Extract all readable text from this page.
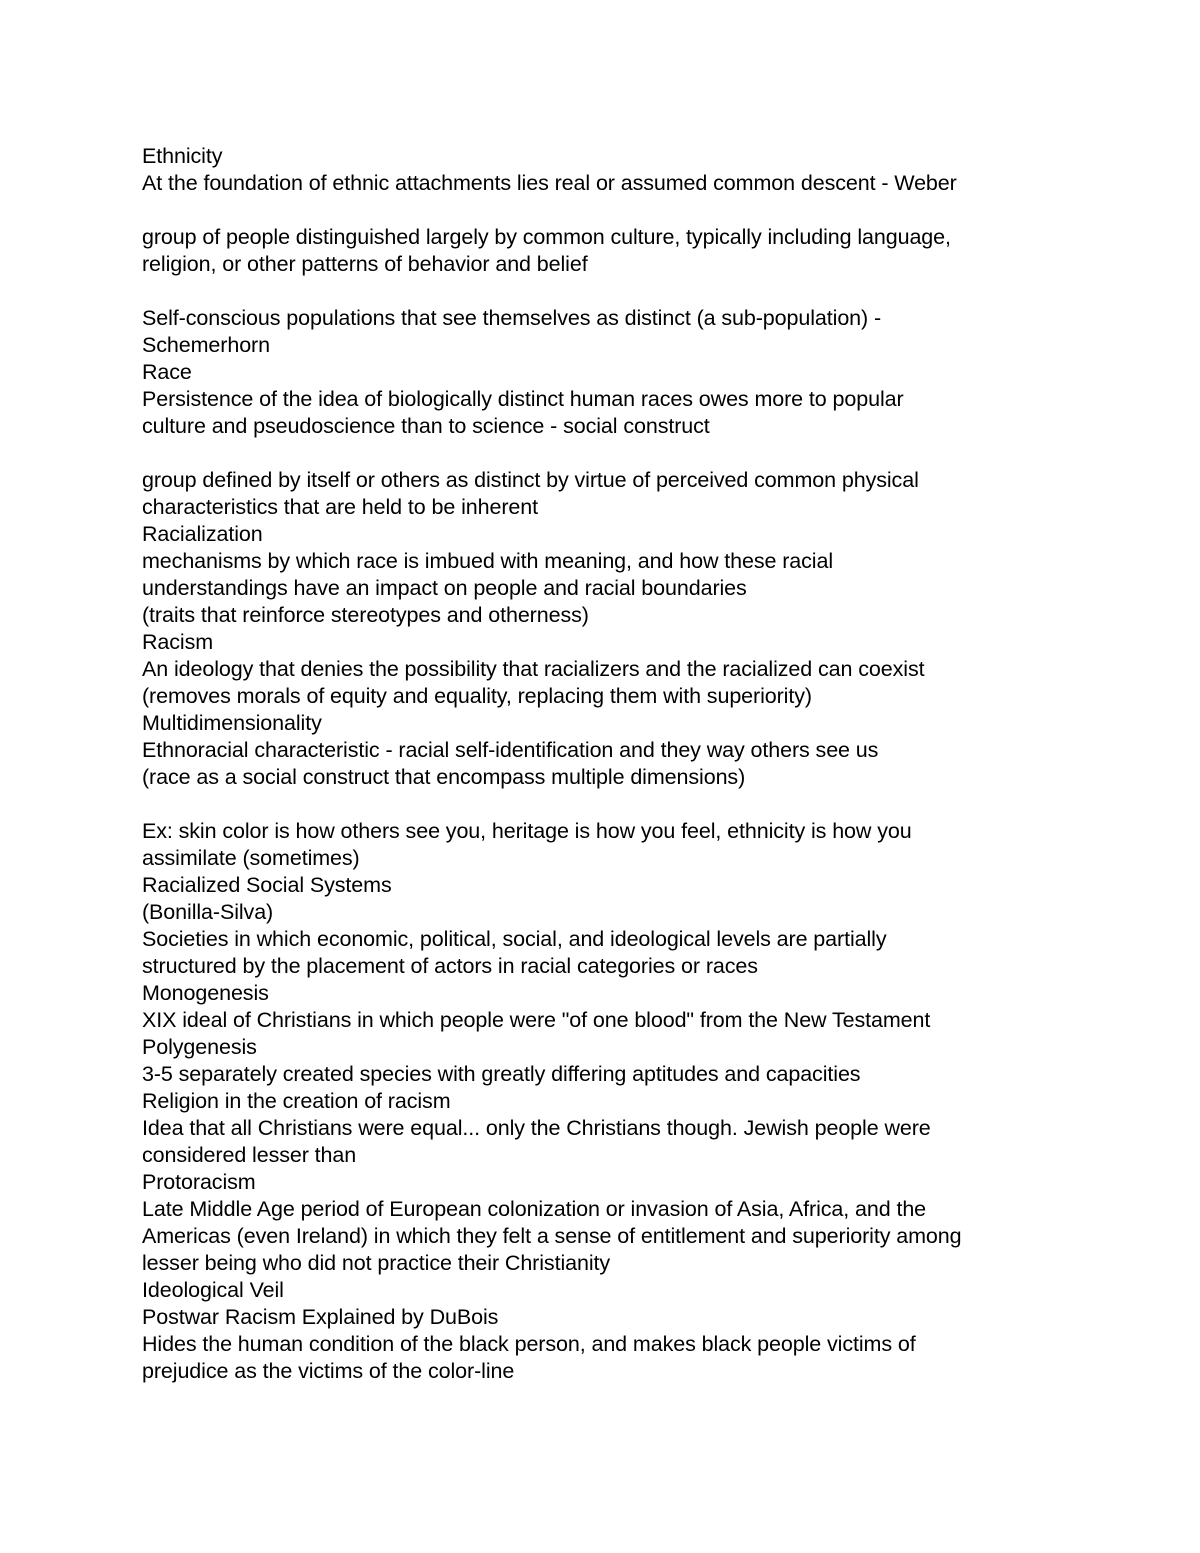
Ethnicity
At the foundation of ethnic attachments lies real or assumed common descent - Weber
group of people distinguished largely by common culture, typically including language,
religion, or other patterns of behavior and belief
Self-conscious populations that see themselves as distinct (a sub-population) -
Schemerhorn
Race
Persistence of the idea of biologically distinct human races owes more to popular
culture and pseudoscience than to science - social construct
group defined by itself or others as distinct by virtue of perceived common physical
characteristics that are held to be inherent
Racialization
mechanisms by which race is imbued with meaning, and how these racial
understandings have an impact on people and racial boundaries
(traits that reinforce stereotypes and otherness)
Racism
An ideology that denies the possibility that racializers and the racialized can coexist
(removes morals of equity and equality, replacing them with superiority)
Multidimensionality
Ethnoracial characteristic - racial self-identification and they way others see us
(race as a social construct that encompass multiple dimensions)
Ex: skin color is how others see you, heritage is how you feel, ethnicity is how you
assimilate (sometimes)
Racialized Social Systems
(Bonilla-Silva)
Societies in which economic, political, social, and ideological levels are partially
structured by the placement of actors in racial categories or races
Monogenesis
XIX ideal of Christians in which people were "of one blood" from the New Testament
Polygenesis
3-5 separately created species with greatly differing aptitudes and capacities
Religion in the creation of racism
Idea that all Christians were equal... only the Christians though. Jewish people were
considered lesser than
Protoracism
Late Middle Age period of European colonization or invasion of Asia, Africa, and the
Americas (even Ireland) in which they felt a sense of entitlement and superiority among
lesser being who did not practice their Christianity
Ideological Veil
Postwar Racism Explained by DuBois
Hides the human condition of the black person, and makes black people victims of
prejudice as the victims of the color-line
